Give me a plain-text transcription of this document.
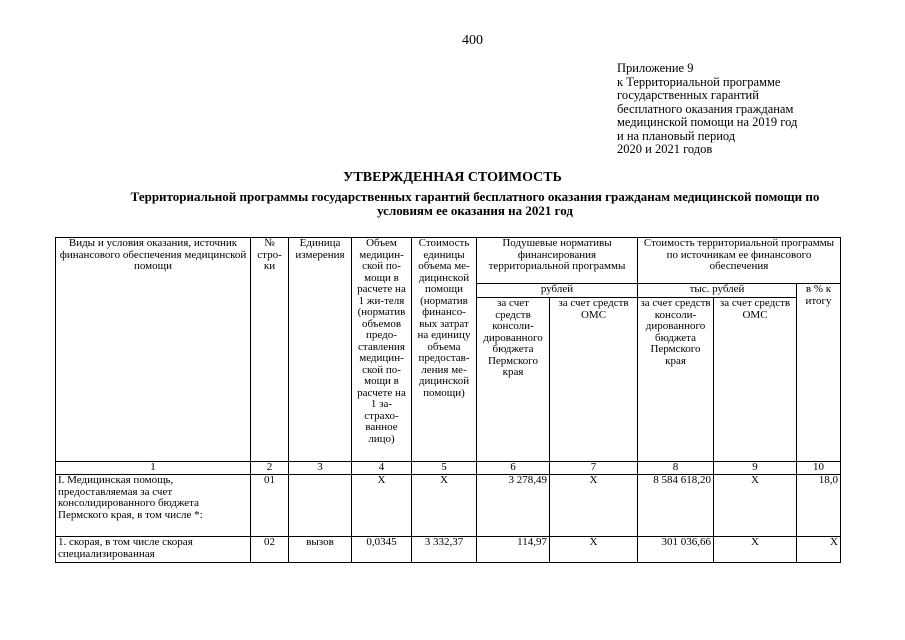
400
Приложение 9
к Территориальной программе
государственных гарантий
бесплатного оказания гражданам
медицинской помощи на 2019 год
и на плановый период
2020 и 2021 годов
УТВЕРЖДЕННАЯ СТОИМОСТЬ
Территориальной программы государственных гарантий бесплатного оказания гражданам медицинской помощи по условиям ее оказания на 2021 год
Виды и условия оказания, источник финансового обеспечения медицинской помощи	№ стро-ки	Единица измерения	Объем медицин-ской по-мощи в расчете на 1 жи-теля (норматив объемов предо-ставления медицин-ской по-мощи в расчете на 1 за-страхо-ванное лицо)	Стоимость единицы объема ме-дицинской помощи (норматив финансо-вых затрат на единицу объема предостав-ления ме-дицинской помощи)	Подушевые нормативы финансирования территориальной программы		Стоимость территориальной программы по источникам ее финансового обеспечения		
					рублей		тыс. рублей		в % к итогу
					за счет средств консоли-дированного бюджета Пермского края	за счет средств ОМС	за счет средств консоли-дированного бюджета Пермского края	за счет средств ОМС	
1	2	3	4	5	6	7	8	9	10
I. Медицинская помощь, предоставляемая за счет консолидированного бюджета Пермского края, в том числе *:	01		Х	Х	3 278,49	Х	8 584 618,20	Х	18,0
1. скорая, в том числе скорая специализированная	02	вызов	0,0345	3 332,37	114,97	Х	301 036,66	Х	Х
